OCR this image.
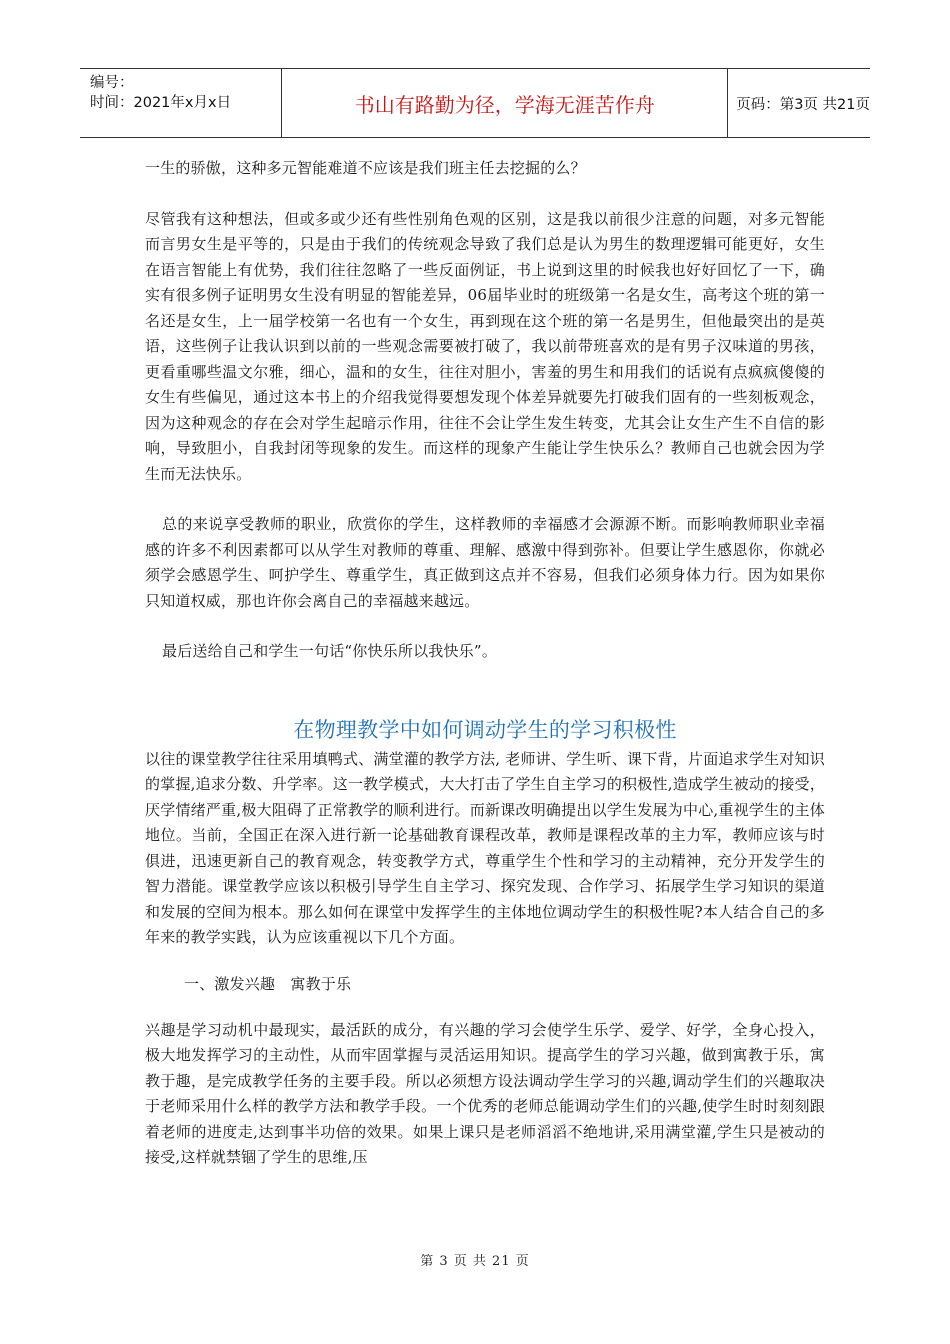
编号：
时间：2021年x月x日	书山有路勤为径，学海无涯苦作舟	页码：第3页 共21页

一生的骄傲，这种多元智能难道不应该是我们班主任去挖掘的么？

尽管我有这种想法，但或多或少还有些性别角色观的区别，这是我以前很少注意的问题，对多元智能而言男女生是平等的，只是由于我们的传统观念导致了我们总是认为男生的数理逻辑可能更好，女生在语言智能上有优势，我们往往忽略了一些反面例证，书上说到这里的时候我也好好回忆了一下，确实有很多例子证明男女生没有明显的智能差异，06届毕业时的班级第一名是女生，高考这个班的第一名还是女生，上一届学校第一名也有一个女生，再到现在这个班的第一名是男生，但他最突出的是英语，这些例子让我认识到以前的一些观念需要被打破了，我以前带班喜欢的是有男子汉味道的男孩，更看重哪些温文尔雅，细心，温和的女生，往往对胆小，害羞的男生和用我们的话说有点疯疯傻傻的女生有些偏见，通过这本书上的介绍我觉得要想发现个体差异就要先打破我们固有的一些刻板观念，因为这种观念的存在会对学生起暗示作用，往往不会让学生发生转变，尤其会让女生产生不自信的影响，导致胆小，自我封闭等现象的发生。而这样的现象产生能让学生快乐么？教师自己也就会因为学生而无法快乐。

总的来说享受教师的职业，欣赏你的学生，这样教师的幸福感才会源源不断。而影响教师职业幸福感的许多不利因素都可以从学生对教师的尊重、理解、感激中得到弥补。但要让学生感恩你，你就必须学会感恩学生、呵护学生、尊重学生，真正做到这点并不容易，但我们必须身体力行。因为如果你只知道权威，那也许你会离自己的幸福越来越远。

最后送给自己和学生一句话“你快乐所以我快乐”。

在物理教学中如何调动学生的学习积极性

以往的课堂教学往往采用填鸭式、满堂灌的教学方法, 老师讲、学生听、课下背，片面追求学生对知识的掌握,追求分数、升学率。这一教学模式，大大打击了学生自主学习的积极性,造成学生被动的接受，厌学情绪严重,极大阻碍了正常教学的顺利进行。而新课改明确提出以学生发展为中心,重视学生的主体地位。当前，全国正在深入进行新一论基础教育课程改革，教师是课程改革的主力军，教师应该与时俱进，迅速更新自己的教育观念，转变教学方式，尊重学生个性和学习的主动精神，充分开发学生的智力潜能。课堂教学应该以积极引导学生自主学习、探究发现、合作学习、拓展学生学习知识的渠道和发展的空间为根本。那么如何在课堂中发挥学生的主体地位调动学生的积极性呢?本人结合自己的多年来的教学实践，认为应该重视以下几个方面。

一、激发兴趣　寓教于乐

兴趣是学习动机中最现实，最活跃的成分，有兴趣的学习会使学生乐学、爱学、好学，全身心投入，极大地发挥学习的主动性，从而牢固掌握与灵活运用知识。提高学生的学习兴趣，做到寓教于乐，寓教于趣，是完成教学任务的主要手段。所以必须想方设法调动学生学习的兴趣,调动学生们的兴趣取决于老师采用什么样的教学方法和教学手段。一个优秀的老师总能调动学生们的兴趣,使学生时时刻刻跟着老师的进度走,达到事半功倍的效果。如果上课只是老师滔滔不绝地讲,采用满堂灌,学生只是被动的接受,这样就禁锢了学生的思维,压

第 3 页 共 21 页
